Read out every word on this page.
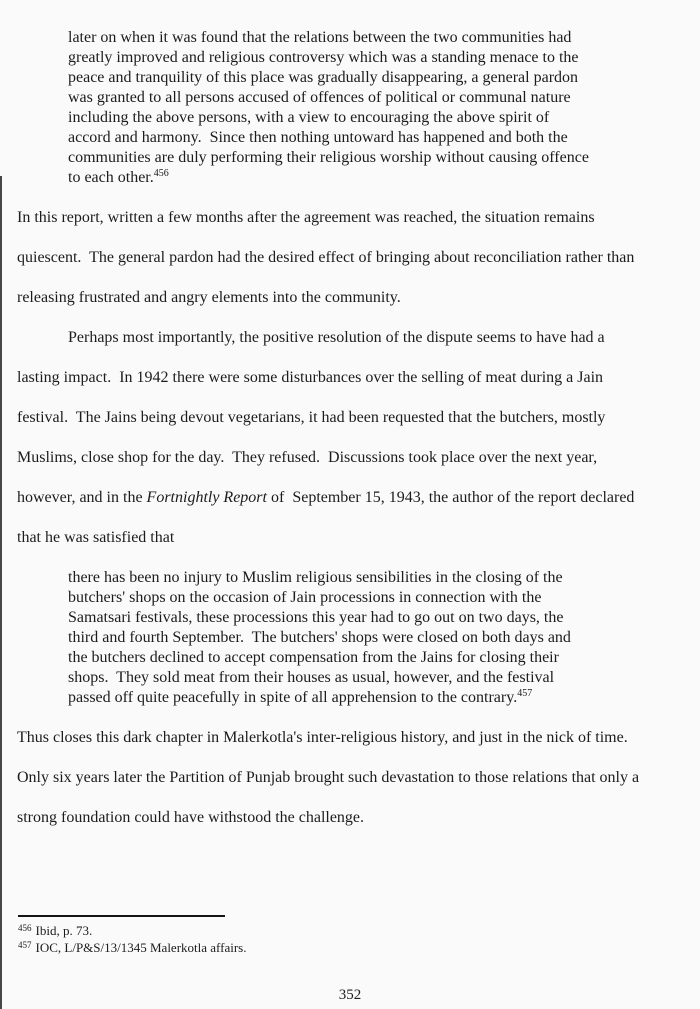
later on when it was found that the relations between the two communities had
greatly improved and religious controversy which was a standing menace to the
peace and tranquility of this place was gradually disappearing, a general pardon
was granted to all persons accused of offences of political or communal nature
including the above persons, with a view to encouraging the above spirit of
accord and harmony.  Since then nothing untoward has happened and both the
communities are duly performing their religious worship without causing offence
to each other.$^{456}$
In this report, written a few months after the agreement was reached, the situation remains
quiescent.  The general pardon had the desired effect of bringing about reconciliation rather than
releasing frustrated and angry elements into the community.
Perhaps most importantly, the positive resolution of the dispute seems to have had a
lasting impact.  In 1942 there were some disturbances over the selling of meat during a Jain
festival.  The Jains being devout vegetarians, it had been requested that the butchers, mostly
Muslims, close shop for the day.  They refused.  Discussions took place over the next year,
however, and in the Fortnightly Report of  September 15, 1943, the author of the report declared
that he was satisfied that
there has been no injury to Muslim religious sensibilities in the closing of the
butchers' shops on the occasion of Jain processions in connection with the
Samatsari festivals, these processions this year had to go out on two days, the
third and fourth September.  The butchers' shops were closed on both days and
the butchers declined to accept compensation from the Jains for closing their
shops.  They sold meat from their houses as usual, however, and the festival
passed off quite peacefully in spite of all apprehension to the contrary.$^{457}$
Thus closes this dark chapter in Malerkotla's inter-religious history, and just in the nick of time.
Only six years later the Partition of Punjab brought such devastation to those relations that only a
strong foundation could have withstood the challenge.
$^{456}$ Ibid, p. 73.
$^{457}$ IOC, L/P&S/13/1345 Malerkotla affairs.
352
